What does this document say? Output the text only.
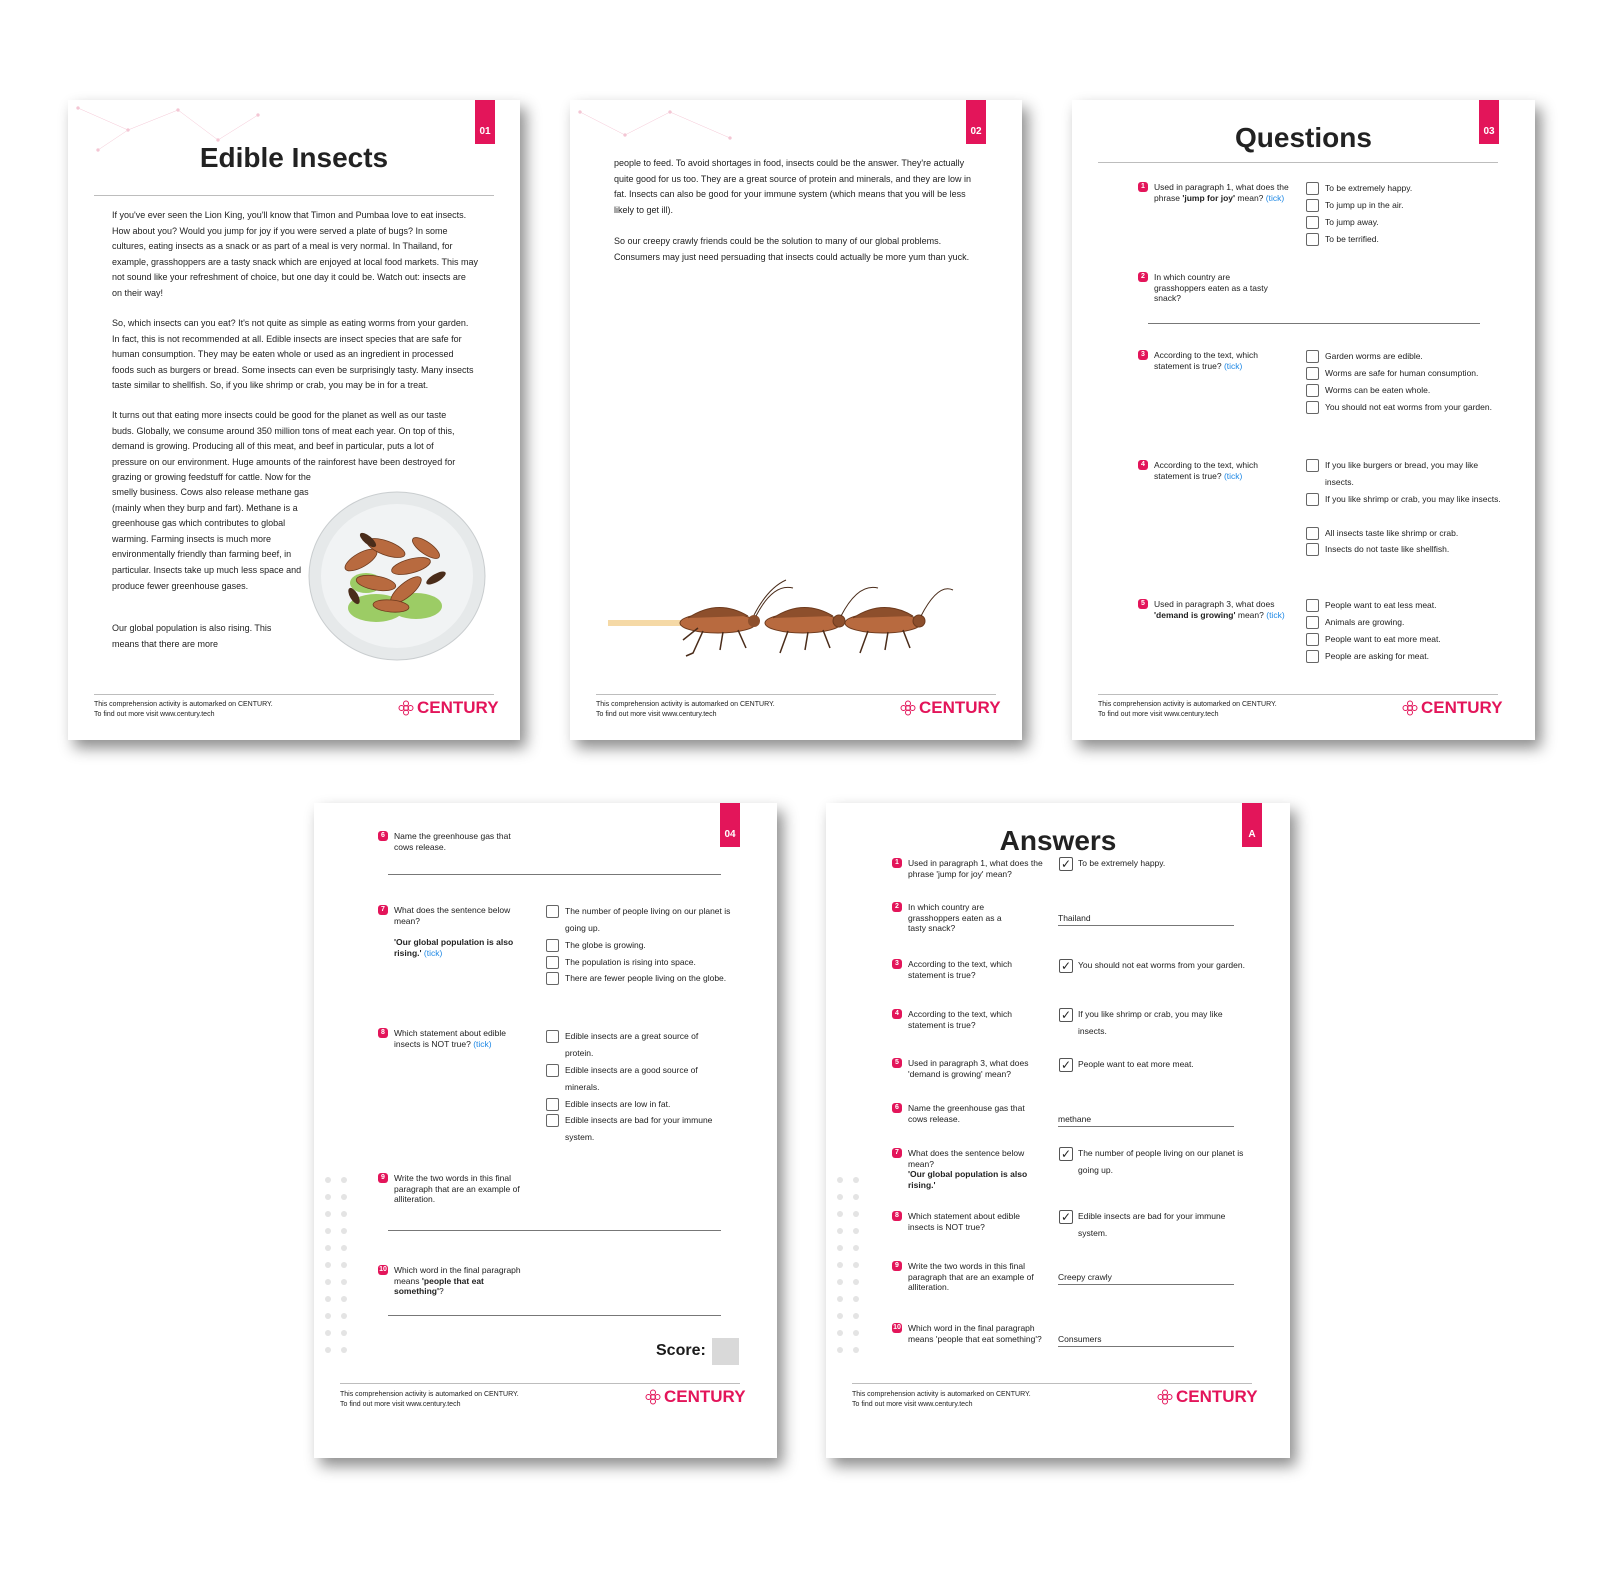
01
Edible Insects

If you've ever seen the Lion King, you'll know that Timon and Pumbaa love to eat insects. How about you? Would you jump for joy if you were served a plate of bugs? In some cultures, eating insects as a snack or as part of a meal is very normal. In Thailand, for example, grasshoppers are a tasty snack which are enjoyed at local food markets. This may not sound like your refreshment of choice, but one day it could be. Watch out: insects are on their way!

So, which insects can you eat? It's not quite as simple as eating worms from your garden. In fact, this is not recommended at all. Edible insects are insect species that are safe for human consumption. They may be eaten whole or used as an ingredient in processed foods such as burgers or bread. Some insects can even be surprisingly tasty. Many insects taste similar to shellfish. So, if you like shrimp or crab, you may be in for a treat.

It turns out that eating more insects could be good for the planet as well as our taste buds. Globally, we consume around 350 million tons of meat each year. On top of this, demand is growing. Producing all of this meat, and beef in particular, puts a lot of pressure on our environment. Huge amounts of the rainforest have been destroyed for grazing or growing feedstuff for cattle. Now for the

smelly business. Cows also release methane gas (mainly when they burp and fart). Methane is a greenhouse gas which contributes to global warming. Farming insects is much more environmentally friendly than farming beef, in particular. Insects take up much less space and produce fewer greenhouse gases.

Our global population is also rising. This means that there are more

This comprehension activity is automarked on CENTURY.
To find out more visit www.century.tech	CENTURY
02

people to feed. To avoid shortages in food, insects could be the answer. They're actually quite good for us too. They are a great source of protein and minerals, and they are low in fat. Insects can also be good for your immune system (which means that you will be less likely to get ill).

So our creepy crawly friends could be the solution to many of our global problems. Consumers may just need persuading that insects could actually be more yum than yuck.

This comprehension activity is automarked on CENTURY.
To find out more visit www.century.tech	CENTURY
03
Questions
1	Used in paragraph 1, what does the phrase 'jump for joy' mean? (tick)
To be extremely happy.
To jump up in the air.
To jump away.
To be terrified.
2	In which country are grasshoppers eaten as a tasty snack?
3	According to the text, which statement is true? (tick)
Garden worms are edible.
Worms are safe for human consumption.
Worms can be eaten whole.
You should not eat worms from your garden.
4	According to the text, which statement is true? (tick)
If you like burgers or bread, you may like insects.
If you like shrimp or crab, you may like insects.
All insects taste like shrimp or crab.
Insects do not taste like shellfish.
5	Used in paragraph 3, what does 'demand is growing' mean? (tick)
People want to eat less meat.
Animals are growing.
People want to eat more meat.
People are asking for meat.
This comprehension activity is automarked on CENTURY.
To find out more visit www.century.tech	CENTURY
04
6	Name the greenhouse gas that cows release.
7	What does the sentence below mean?
'Our global population is also rising.' (tick)
The number of people living on our planet is going up.
The globe is growing.
The population is rising into space.
There are fewer people living on the globe.
8	Which statement about edible insects is NOT true? (tick)
Edible insects are a great source of protein.
Edible insects are a good source of minerals.
Edible insects are low in fat.
Edible insects are bad for your immune system.
9	Write the two words in this final paragraph that are an example of alliteration.
10 Which word in the final paragraph means 'people that eat something'?
Score:
This comprehension activity is automarked on CENTURY.
To find out more visit www.century.tech	CENTURY
A
Answers
1	Used in paragraph 1, what does the phrase 'jump for joy' mean?
✓ To be extremely happy.
2	In which country are grasshoppers eaten as a tasty snack?
Thailand
3	According to the text, which statement is true?
✓ You should not eat worms from your garden.
4	According to the text, which statement is true?
✓ If you like shrimp or crab, you may like insects.
5	Used in paragraph 3, what does 'demand is growing' mean?
✓ People want to eat more meat.
6	Name the greenhouse gas that cows release.	methane
7	What does the sentence below mean?
'Our global population is also rising.'
✓ The number of people living on our planet is going up.
8	Which statement about edible insects is NOT true?
✓ Edible insects are bad for your immune system.
9	Write the two words in this final paragraph that are an example of alliteration.
Creepy crawly
10 Which word in the final paragraph means 'people that eat something'? Consumers
This comprehension activity is automarked on CENTURY.
To find out more visit www.century.tech	CENTURY
